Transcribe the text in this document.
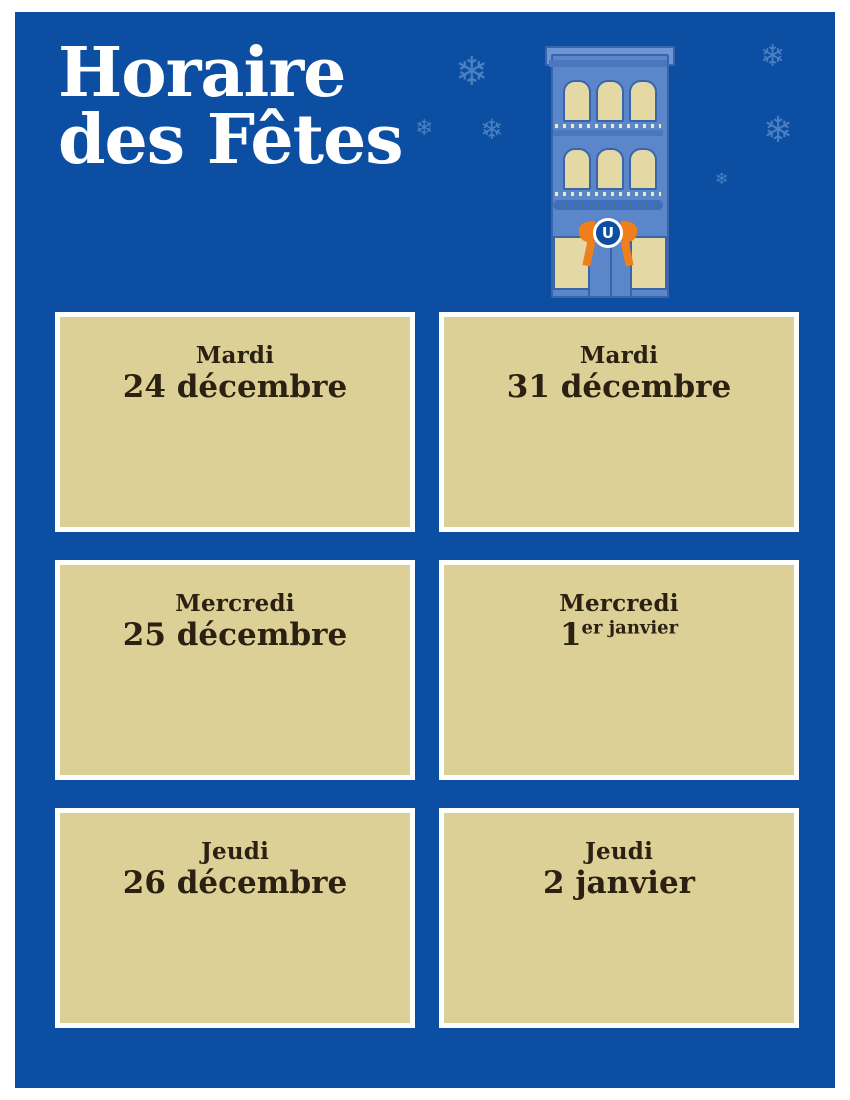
❄
❄ ❄
❄
❄
❄
Horaire
des Fêtes
U
Mardi
24 décembre
Mardi
31 décembre
Mercredi
25 décembre
Mercredi
$1^{er janvier}$
Jeudi
26 décembre
Jeudi
2 janvier
